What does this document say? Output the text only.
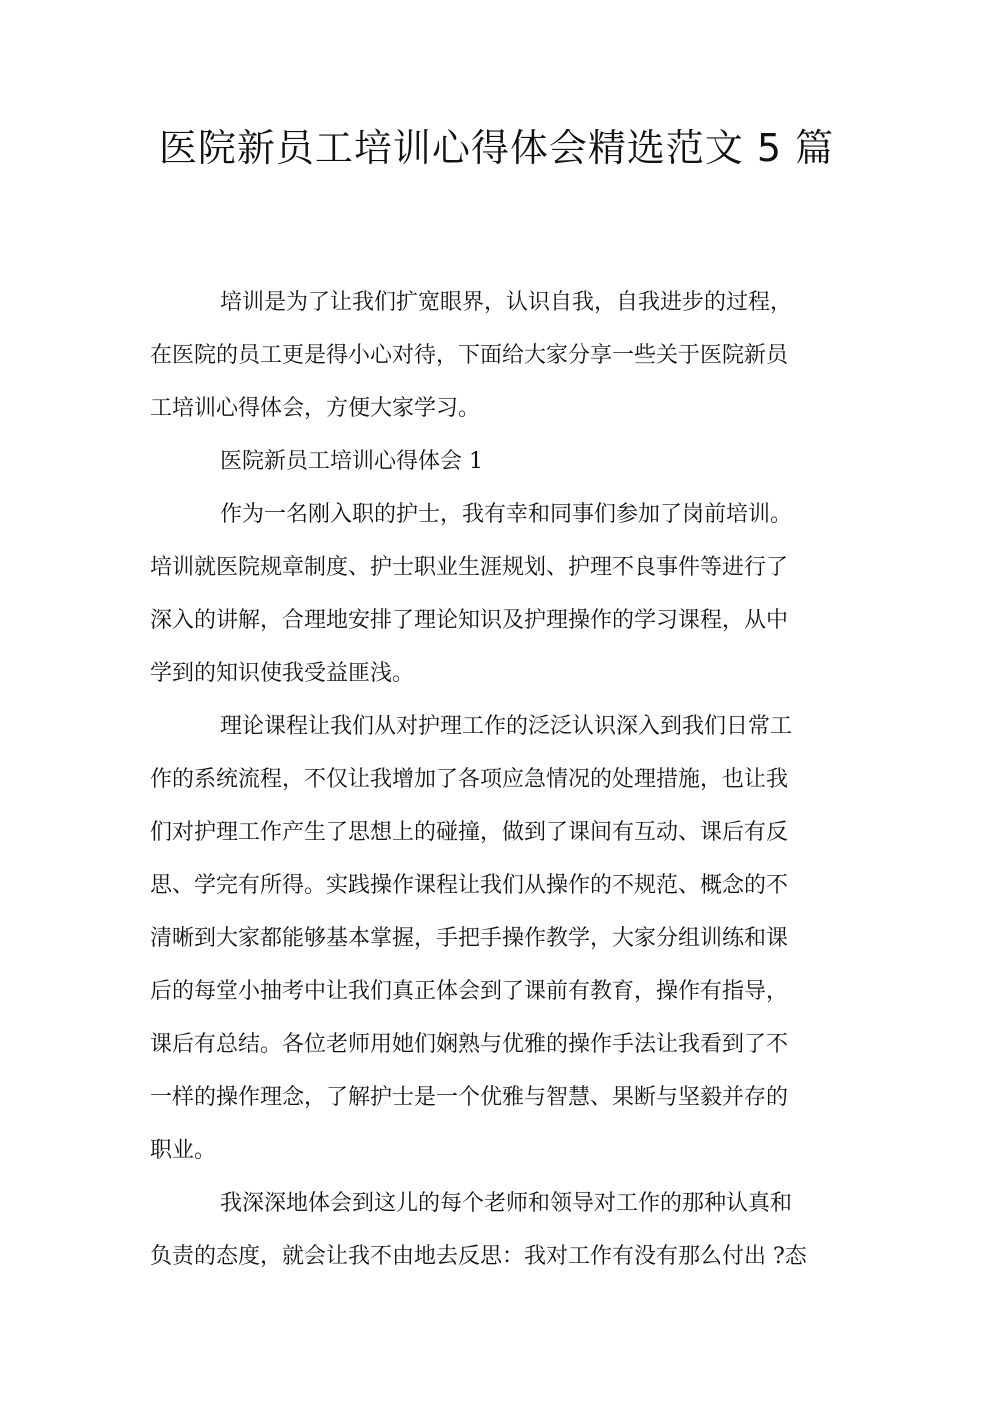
医院新员工培训心得体会精选范文 5 篇
培训是为了让我们扩宽眼界，认识自我，自我进步的过程，
在医院的员工更是得小心对待，下面给大家分享一些关于医院新员
工培训心得体会，方便大家学习。
医院新员工培训心得体会 1
作为一名刚入职的护士，我有幸和同事们参加了岗前培训。
培训就医院规章制度、护士职业生涯规划、护理不良事件等进行了
深入的讲解，合理地安排了理论知识及护理操作的学习课程，从中
学到的知识使我受益匪浅。
理论课程让我们从对护理工作的泛泛认识深入到我们日常工
作的系统流程，不仅让我增加了各项应急情况的处理措施，也让我
们对护理工作产生了思想上的碰撞，做到了课间有互动、课后有反
思、学完有所得。实践操作课程让我们从操作的不规范、概念的不
清晰到大家都能够基本掌握，手把手操作教学，大家分组训练和课
后的每堂小抽考中让我们真正体会到了课前有教育，操作有指导，
课后有总结。各位老师用她们娴熟与优雅的操作手法让我看到了不
一样的操作理念，了解护士是一个优雅与智慧、果断与坚毅并存的
职业。
我深深地体会到这儿的每个老师和领导对工作的那种认真和
负责的态度，就会让我不由地去反思：我对工作有没有那么付出 ?态
